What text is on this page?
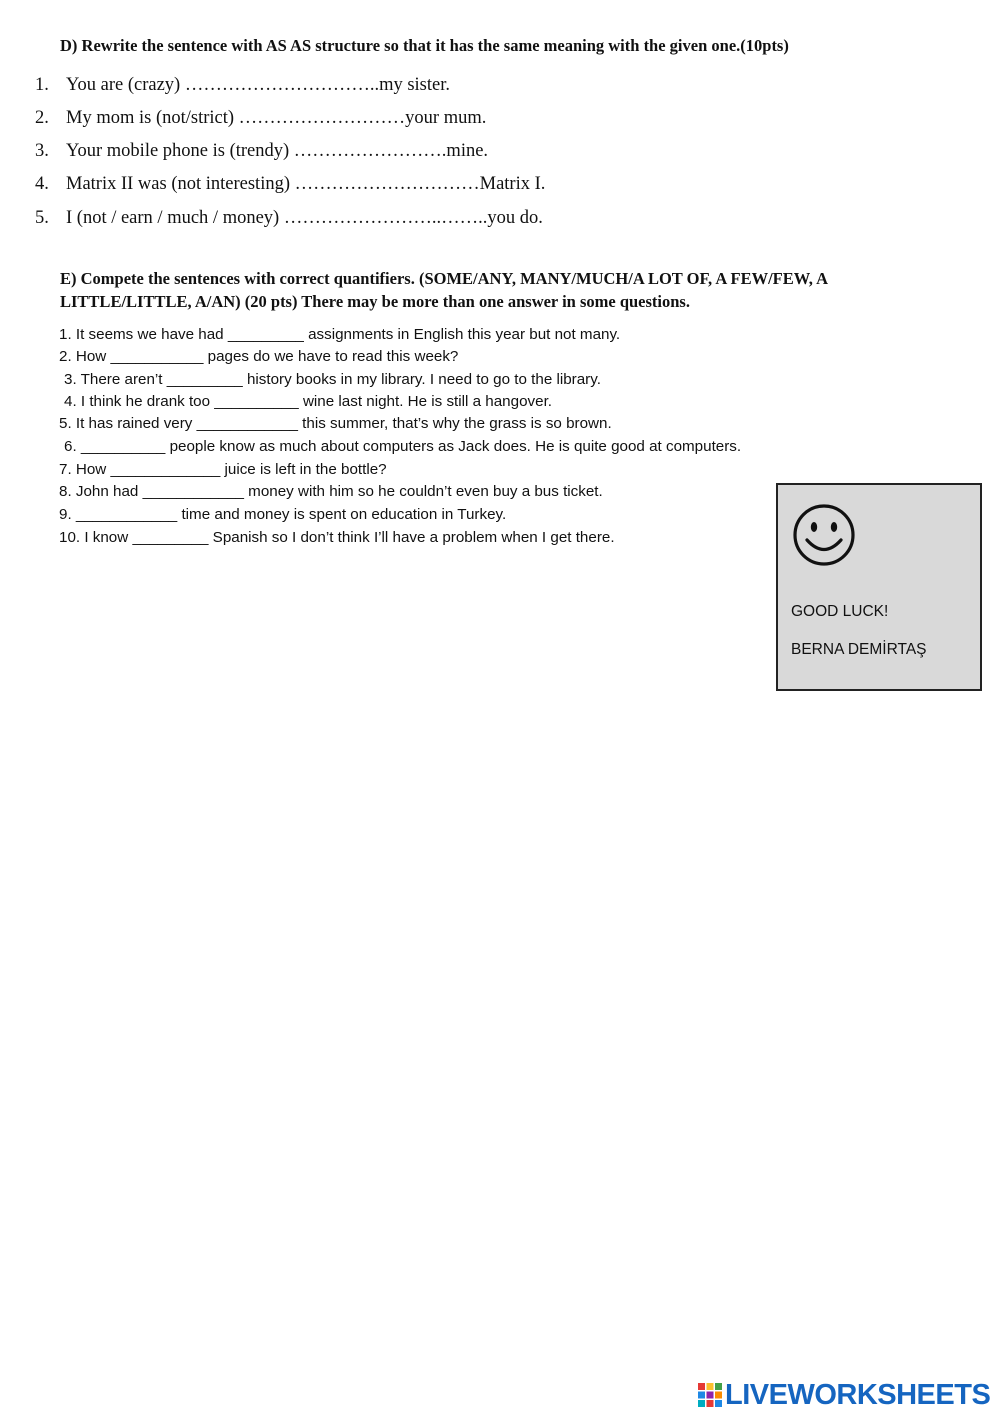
D) Rewrite the sentence with AS AS structure so that it has the same meaning with the given one.(10pts)
1. You are (crazy) …………………………..my sister.
2. My mom is (not/strict) ………………………your mum.
3. Your mobile phone is (trendy) …………………….mine.
4. Matrix II was (not interesting) …………………………Matrix I.
5. I (not / earn / much / money) ……………………..……..you do.
E) Compete the sentences with correct quantifiers. (SOME/ANY, MANY/MUCH/A LOT OF, A FEW/FEW, A LITTLE/LITTLE, A/AN) (20 pts) There may be more than one answer in some questions.
1. It seems we have had _________ assignments in English this year but not many.
2. How ___________ pages do we have to read this week?
3. There aren’t _________ history books in my library. I need to go to the library.
4. I think he drank too __________ wine last night. He is still a hangover.
5. It has rained very ____________ this summer, that’s why the grass is so brown.
6. __________ people know as much about computers as Jack does. He is quite good at computers.
7. How _____________ juice is left in the bottle?
8. John had ____________ money with him so he couldn’t even buy a bus ticket.
9. ____________ time and money is spent on education in Turkey.
10. I know _________ Spanish so I don’t think I’ll have a problem when I get there.
GOOD LUCK!
BERNA DEMİRTAŞ
LIVEWORKSHEETS
